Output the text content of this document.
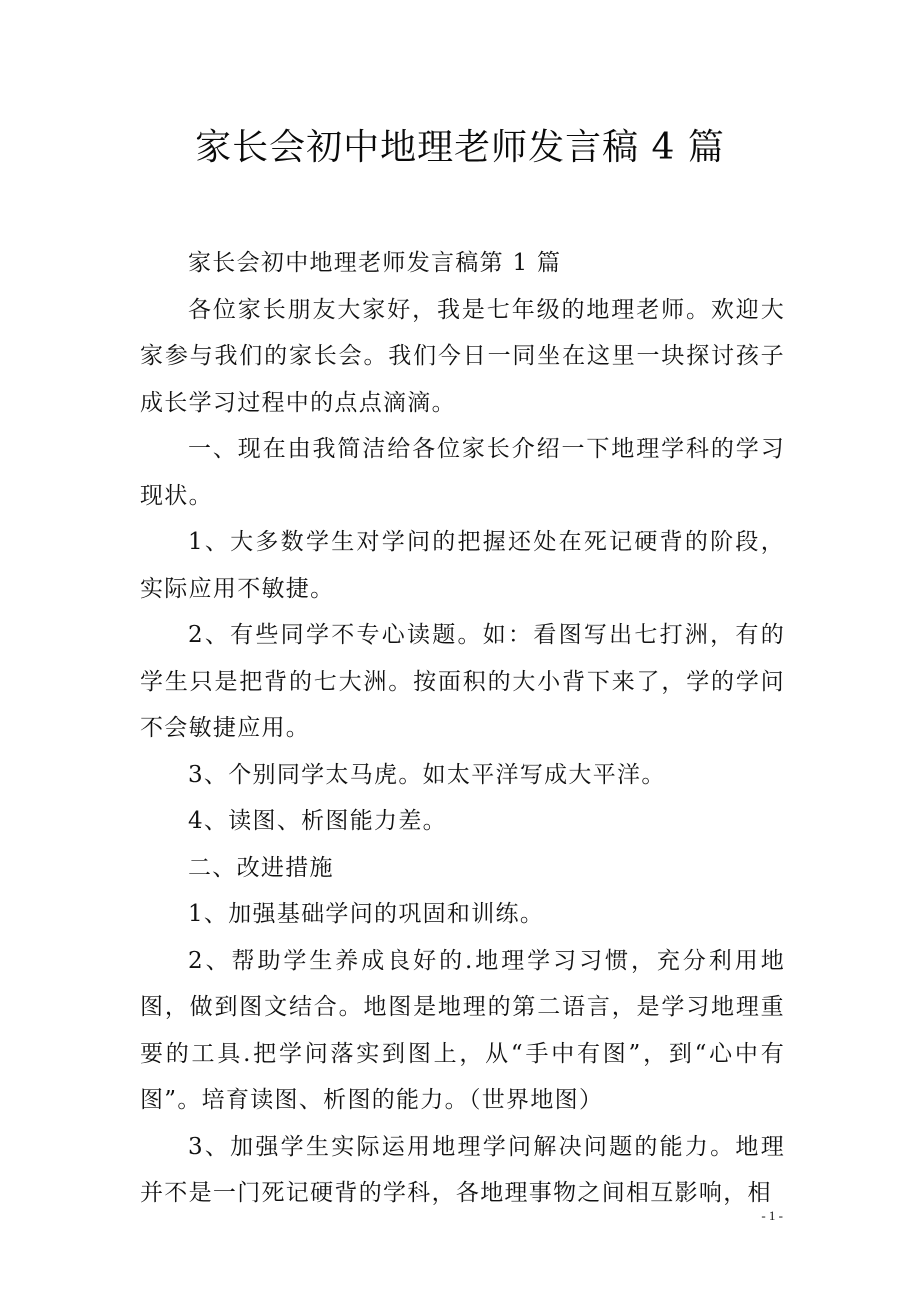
家长会初中地理老师发言稿 4 篇

家长会初中地理老师发言稿第 1 篇

各位家长朋友大家好，我是七年级的地理老师。欢迎大家参与我们的家长会。我们今日一同坐在这里一块探讨孩子成长学习过程中的点点滴滴。

一、现在由我简洁给各位家长介绍一下地理学科的学习现状。

1、大多数学生对学问的把握还处在死记硬背的阶段，实际应用不敏捷。

2、有些同学不专心读题。如：看图写出七打洲，有的学生只是把背的七大洲。按面积的大小背下来了，学的学问不会敏捷应用。

3、个别同学太马虎。如太平洋写成大平洋。

4、读图、析图能力差。

二、改进措施

1、加强基础学问的巩固和训练。

2、帮助学生养成良好的.地理学习习惯，充分利用地图，做到图文结合。地图是地理的第二语言，是学习地理重要的工具.把学问落实到图上，从“手中有图”，到“心中有图”。培育读图、析图的能力。（世界地图）

3、加强学生实际运用地理学问解决问题的能力。地理并不是一门死记硬背的学科，各地理事物之间相互影响，相

- 1 -
